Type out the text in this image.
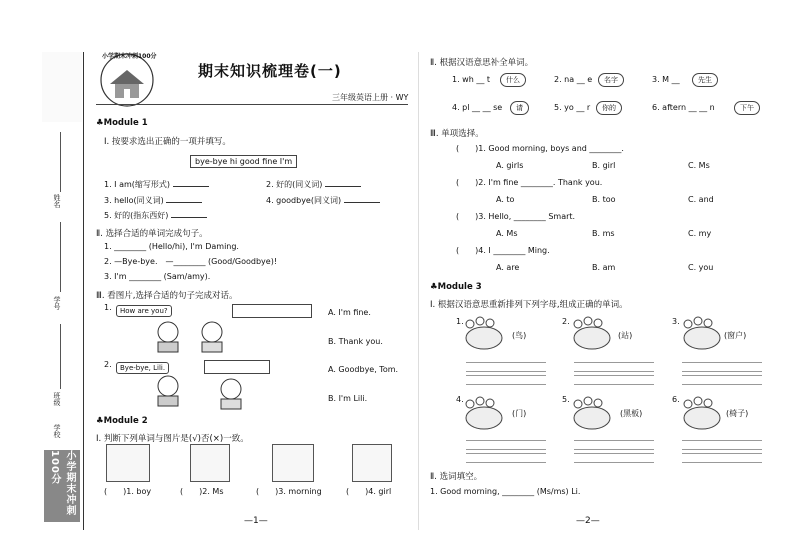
姓名
学号
班级
学校
小学期末冲刺100分
小学期末冲刺100分
期末知识梳理卷(一)
三年级英语上册 · WY
♣Module 1
Ⅰ. 按要求选出正确的一项并填写。
bye-bye hi good fine I'm
1. I am(缩写形式)	2. 好的(同义词)
3. hello(同义词)	4. goodbye(同义词)
5. 好的(指东西好)
Ⅱ. 选择合适的单词完成句子。
1. ________ (Hello/hi), I'm Daming.
2. —Bye-bye.　—________ (Good/Goodbye)!
3. I'm ________ (Sam/amy).
Ⅲ. 看图片,选择合适的句子完成对话。
1.	How are you?	A. I'm fine.
B. Thank you.
2.	Bye-bye, Lili.	A. Goodbye, Tom.
B. I'm Lili.
♣Module 2
Ⅰ. 判断下列单词与图片是(√)否(×)一致。
(　　)1. boy	(　　)2. Ms	(　　)3. morning	(　　)4. girl
—1—
Ⅱ. 根据汉语意思补全单词。
1. wh __ t	什么	2. na __ e	名字	3. M __	先生
4. pl __ __ se	请	5. yo __ r	你的	6. aftern __ __ n	下午
Ⅲ. 单项选择。
(　　)1. Good morning, boys and ________.
A. girls	B. girl	C. Ms
(　　)2. I'm fine ________. Thank you.
A. to	B. too	C. and
(　　)3. Hello, ________ Smart.
A. Ms	B. ms	C. my
(　　)4. I ________ Ming.
A. are	B. am	C. you
♣Module 3
Ⅰ. 根据汉语意思重新排列下列字母,组成正确的单词。
1.
(鸟)
2.
(站)
3.
(窗户)
4.
(门)
5.
(黑板)
6.
(椅子)
Ⅱ. 选词填空。
1. Good morning, ________ (Ms/ms) Li.
—2—
